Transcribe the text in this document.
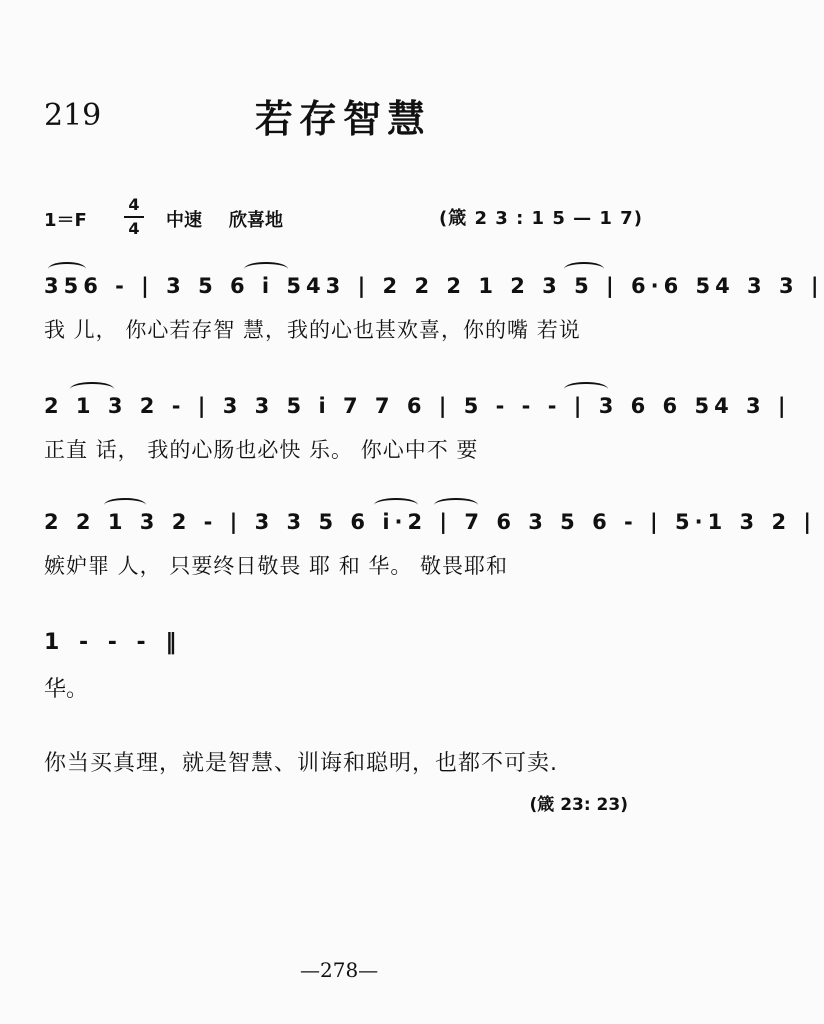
219	若存智慧
1＝F
4
4 中速 欣喜地	(箴 2 3 : 1 5 — 1 7)
356 - | 3 5 6 i 543 | 2 2 2 1 2 3 5 | 6·6 54 3 3 |
我 儿， 你心若存智 慧，我的心也甚欢喜，你的嘴 若说
2 1 3 2 - | 3 3 5 i 7 7 6 | 5 - - - | 3 6 6 54 3 |
正直 话， 我的心肠也必快 乐。 你心中不 要
2 2 1 3 2 - | 3 3 5 6 i·2 | 7 6 3 5 6 - | 5·1 3 2 |
嫉妒罪 人， 只要终日敬畏 耶 和 华。 敬畏耶和
1 - - - ‖
华。
你当买真理，就是智慧、训诲和聪明，也都不可卖.
(箴 23: 23)
—278—
